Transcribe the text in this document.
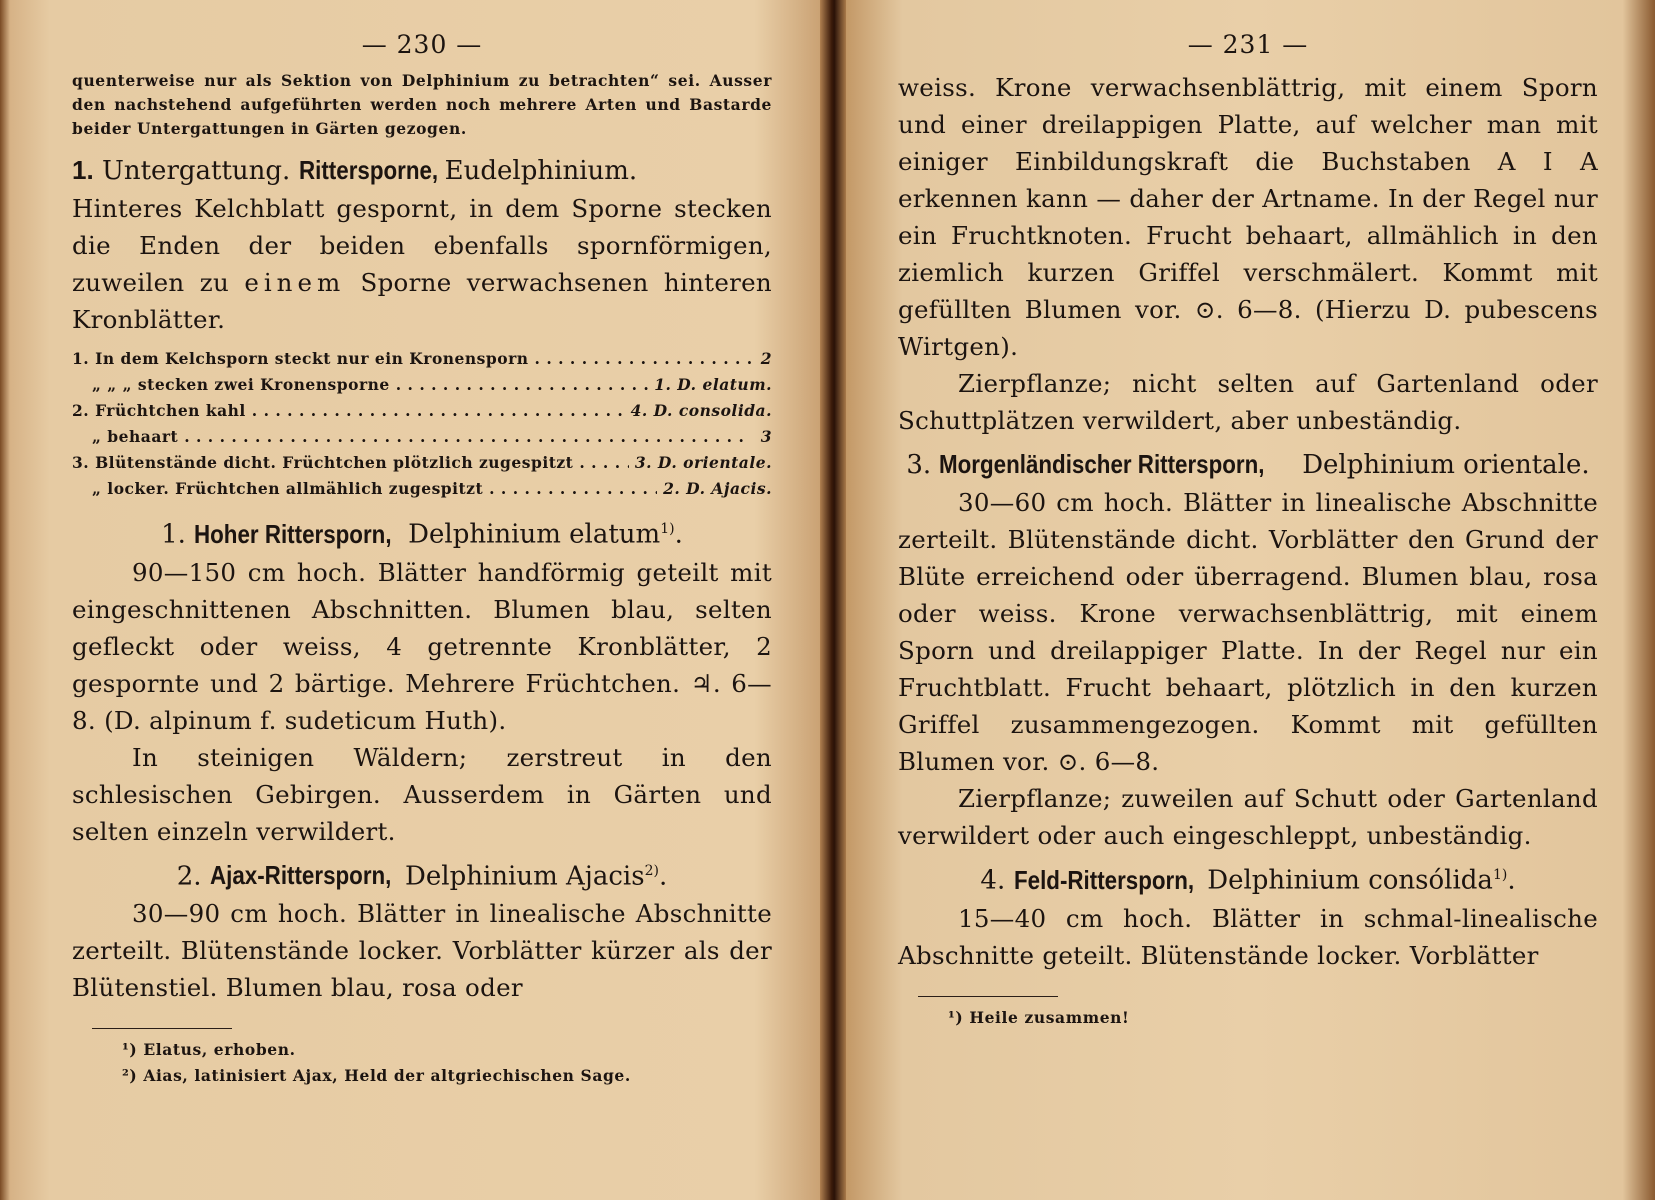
— 230 —

quenterweise nur als Sektion von Delphinium zu betrachten“ sei. Ausser den nachstehend aufgeführten werden noch mehrere Arten und Bastarde beider Untergattungen in Gärten gezogen.

1. Untergattung. Rittersporne, Eudelphinium.

Hinteres Kelchblatt gespornt, in dem Sporne stecken die Enden der beiden ebenfalls spornförmigen, zuweilen zu einem Sporne verwachsenen hinteren Kronblätter.

1. In dem Kelchsporn steckt nur ein Kronensporn . . .	2
„ „ „ stecken zwei Kronensporne . . .	1. D. elatum.
2. Früchtchen kahl . . .	4. D. consolida.
„ behaart . . .	3
3. Blütenstände dicht. Früchtchen plötzlich zugespitzt . . .	3. D. orientale.
„ locker. Früchtchen allmählich zugespitzt . . .	2. D. Ajacis.

1. Hoher Rittersporn, Delphinium elatum$^{1)}$.

90—150 cm hoch. Blätter handförmig geteilt mit eingeschnittenen Abschnitten. Blumen blau, selten gefleckt oder weiss, 4 getrennte Kronblätter, 2 gespornte und 2 bärtige. Mehrere Früchtchen. ♃. 6—8. (D. alpinum f. sudeticum Huth).

In steinigen Wäldern; zerstreut in den schlesischen Gebirgen. Ausserdem in Gärten und selten einzeln verwildert.

2. Ajax-Rittersporn, Delphinium Ajacis$^{2)}$.

30—90 cm hoch. Blätter in linealische Abschnitte zerteilt. Blütenstände locker. Vorblätter kürzer als der Blütenstiel. Blumen blau, rosa oder

¹) Elatus, erhoben.
²) Aias, latinisiert Ajax, Held der altgriechischen Sage.
— 231 —

weiss. Krone verwachsenblättrig, mit einem Sporn und einer dreilappigen Platte, auf welcher man mit einiger Einbildungskraft die Buchstaben A I A erkennen kann — daher der Artname. In der Regel nur ein Fruchtknoten. Frucht behaart, allmählich in den ziemlich kurzen Griffel verschmälert. Kommt mit gefüllten Blumen vor. ⊙. 6—8. (Hierzu D. pubescens Wirtgen).

Zierpflanze; nicht selten auf Gartenland oder Schuttplätzen verwildert, aber unbeständig.

3. Morgenländischer Rittersporn, Delphinium orientale.

30—60 cm hoch. Blätter in linealische Abschnitte zerteilt. Blütenstände dicht. Vorblätter den Grund der Blüte erreichend oder überragend. Blumen blau, rosa oder weiss. Krone verwachsenblättrig, mit einem Sporn und dreilappiger Platte. In der Regel nur ein Fruchtblatt. Frucht behaart, plötzlich in den kurzen Griffel zusammengezogen. Kommt mit gefüllten Blumen vor. ⊙. 6—8.

Zierpflanze; zuweilen auf Schutt oder Gartenland verwildert oder auch eingeschleppt, unbeständig.

4. Feld-Rittersporn, Delphinium consólida$^{1)}$.

15—40 cm hoch. Blätter in schmal-linealische Abschnitte geteilt. Blütenstände locker. Vorblätter

¹) Heile zusammen!
